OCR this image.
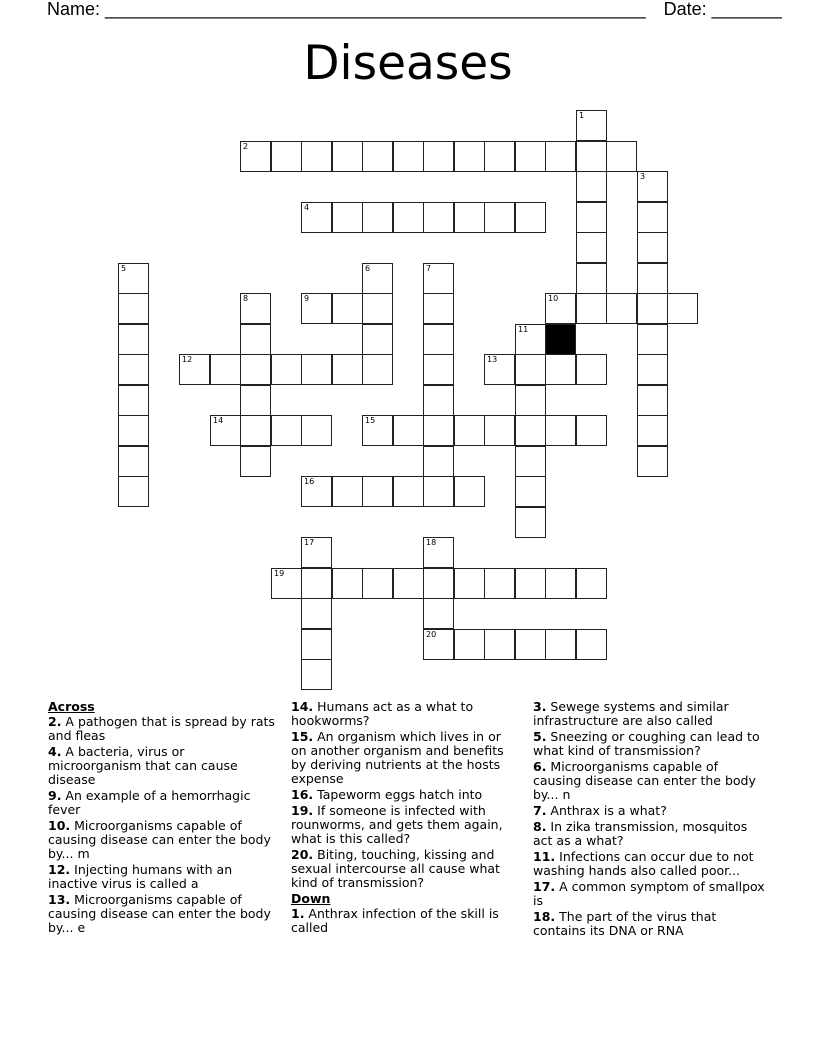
Name: ______________________________________________________ Date: _______
Diseases
2
4
9	10
12	13
14	15
16
19
20
1
3
5	6	7
8
11
17	18
Across
2. A pathogen that is spread by rats and fleas
4. A bacteria, virus or microorganism that can cause disease
9. An example of a hemorrhagic fever
10. Microorganisms capable of causing disease can enter the body by... m
12. Injecting humans with an inactive virus is called a
13. Microorganisms capable of causing disease can enter the body by... e
14. Humans act as a what to hookworms?
15. An organism which lives in or on another organism and benefits by deriving nutrients at the hosts expense
16. Tapeworm eggs hatch into
19. If someone is infected with rounworms, and gets them again, what is this called?
20. Biting, touching, kissing and sexual intercourse all cause what kind of transmission?
Down
1. Anthrax infection of the skill is called
3. Sewege systems and similar infrastructure are also called
5. Sneezing or coughing can lead to what kind of transmission?
6. Microorganisms capable of causing disease can enter the body by... n
7. Anthrax is a what?
8. In zika transmission, mosquitos act as a what?
11. Infections can occur due to not washing hands also called poor...
17. A common symptom of smallpox is
18. The part of the virus that contains its DNA or RNA
